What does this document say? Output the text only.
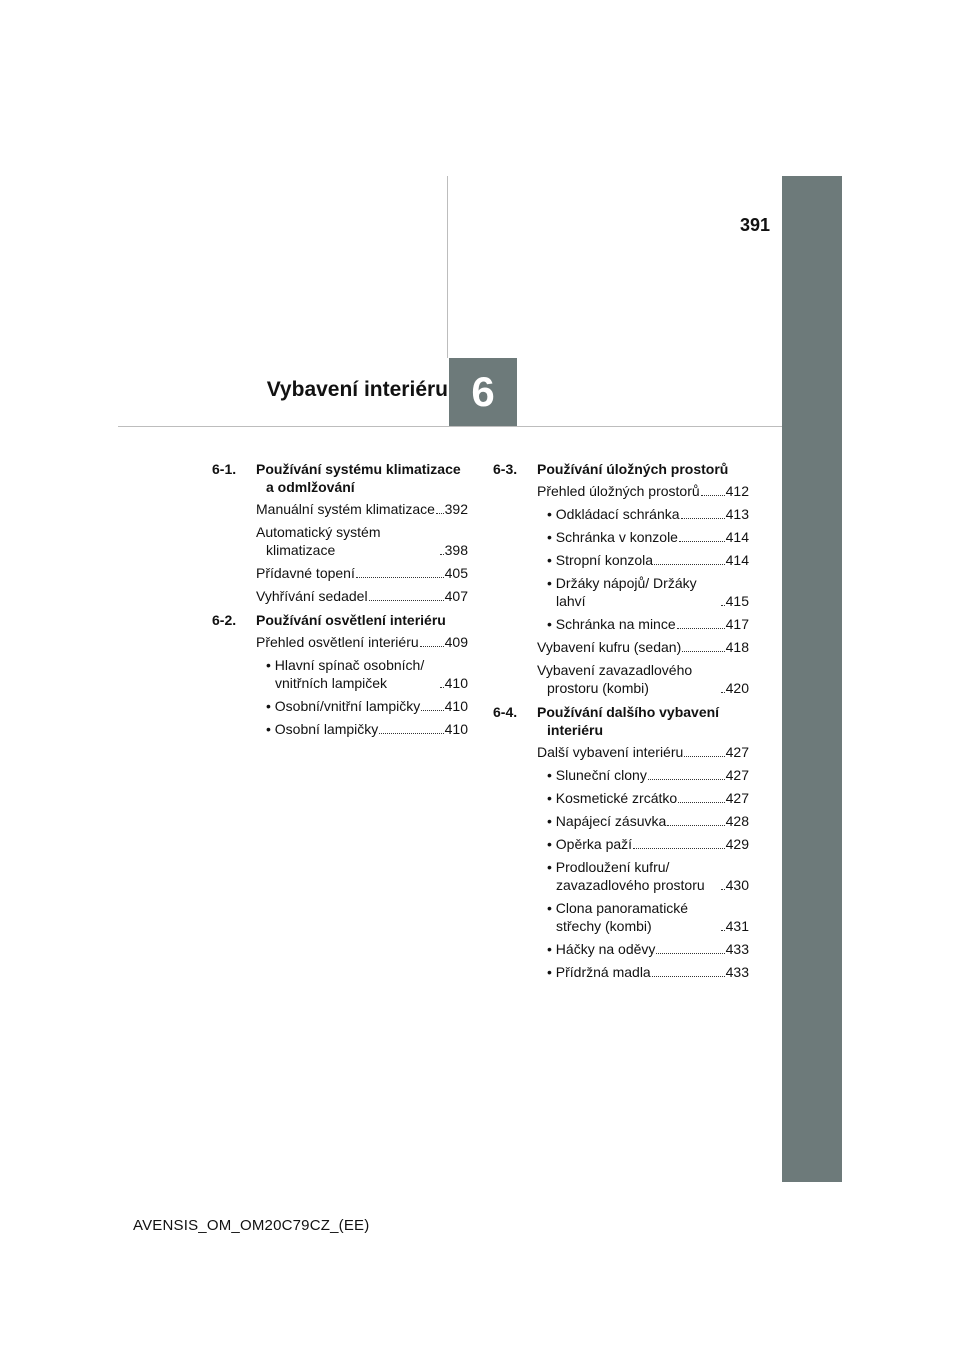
391
Vybavení interiéru 6
6-1. Používání systému klimatizace a odmlžování
Manuální systém klimatizace 392
Automatický systém klimatizace	398
Přídavné topení	405
Vyhřívání sedadel	407
6-2. Používání osvětlení interiéru
Přehled osvětlení interiéru 409
• Hlavní spínač osobních/ vnitřních lampiček	410
• Osobní/vnitřní lampičky 410
• Osobní lampičky	410
6-3. Používání úložných prostorů
Přehled úložných prostorů 412
• Odkládací schránka	413
• Schránka v konzole	414
• Stropní konzola	414
• Držáky nápojů/ Držáky lahví	415
• Schránka na mince	417
Vybavení kufru (sedan)	418
Vybavení zavazadlového prostoru (kombi)	420
6-4. Používání dalšího vybavení interiéru
Další vybavení interiéru	427
• Sluneční clony	427
• Kosmetické zrcátko	427
• Napájecí zásuvka	428
• Opěrka paží	429
• Prodloužení kufru/ zavazadlového prostoru	430
• Clona panoramatické střechy (kombi)	431
• Háčky na oděvy	433
• Přídržná madla	433
AVENSIS_OM_OM20C79CZ_(EE)
